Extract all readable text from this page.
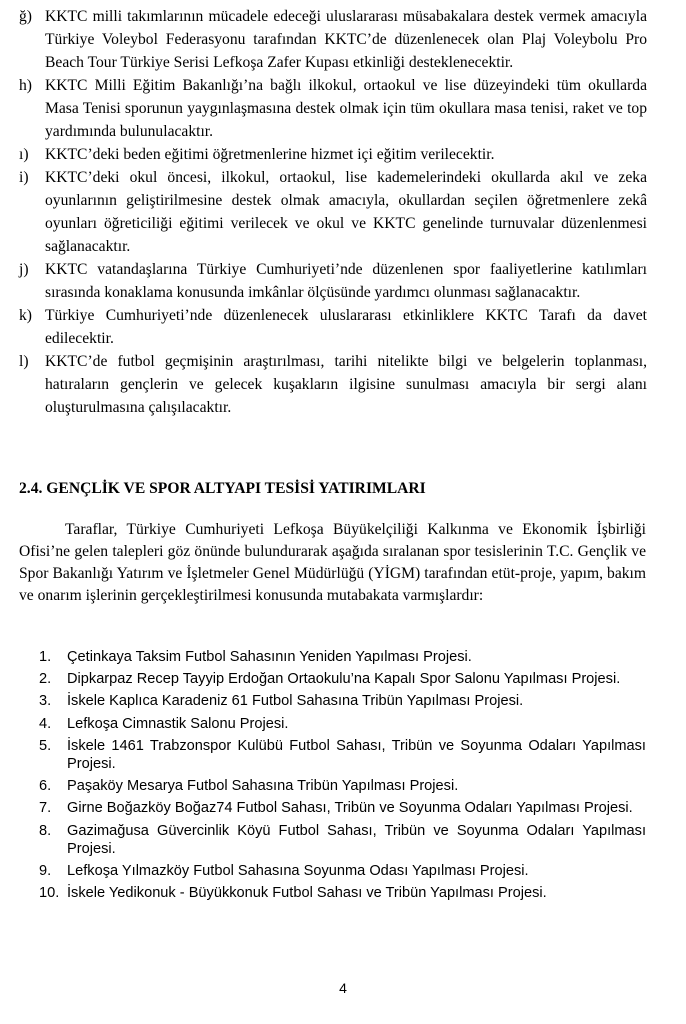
ğ) KKTC milli takımlarının mücadele edeceği uluslararası müsabakalara destek vermek amacıyla Türkiye Voleybol Federasyonu tarafından KKTC’de düzenlenecek olan Plaj Voleybolu Pro Beach Tour Türkiye Serisi Lefkoşa Zafer Kupası etkinliği desteklenecektir.
h) KKTC Milli Eğitim Bakanlığı’na bağlı ilkokul, ortaokul ve lise düzeyindeki tüm okullarda Masa Tenisi sporunun yaygınlaşmasına destek olmak için tüm okullara masa tenisi, raket ve top yardımında bulunulacaktır.
ı)	KKTC’deki beden eğitimi öğretmenlerine hizmet içi eğitim verilecektir.
i)	KKTC’deki okul öncesi, ilkokul, ortaokul, lise kademelerindeki okullarda akıl ve zeka oyunlarının geliştirilmesine destek olmak amacıyla, okullardan seçilen öğretmenlere zekâ oyunları öğreticiliği eğitimi verilecek ve okul ve KKTC genelinde turnuvalar düzenlenmesi sağlanacaktır.
j)	KKTC vatandaşlarına Türkiye Cumhuriyeti’nde düzenlenen spor faaliyetlerine katılımları sırasında konaklama konusunda imkânlar ölçüsünde yardımcı olunması sağlanacaktır.
k) Türkiye Cumhuriyeti’nde düzenlenecek uluslararası etkinliklere KKTC Tarafı da davet edilecektir.
l)	KKTC’de futbol geçmişinin araştırılması, tarihi nitelikte bilgi ve belgelerin toplanması, hatıraların gençlerin ve gelecek kuşakların ilgisine sunulması amacıyla bir sergi alanı oluşturulmasına çalışılacaktır.
2.4. GENÇLİK VE SPOR ALTYAPI TESİSİ YATIRIMLARI

Taraflar, Türkiye Cumhuriyeti Lefkoşa Büyükelçiliği Kalkınma ve Ekonomik İşbirliği Ofisi’ne gelen talepleri göz önünde bulundurarak aşağıda sıralanan spor tesislerinin T.C. Gençlik ve Spor Bakanlığı Yatırım ve İşletmeler Genel Müdürlüğü (YİGM) tarafından etüt-proje, yapım, bakım ve onarım işlerinin gerçekleştirilmesi konusunda mutabakata varmışlardır:

1.	Çetinkaya Taksim Futbol Sahasının Yeniden Yapılması Projesi.
2.	Dipkarpaz Recep Tayyip Erdoğan Ortaokulu’na Kapalı Spor Salonu Yapılması Projesi.
3.	İskele Kaplıca Karadeniz 61 Futbol Sahasına Tribün Yapılması Projesi.
4.	Lefkoşa Cimnastik Salonu Projesi.
5.	İskele 1461 Trabzonspor Kulübü Futbol Sahası, Tribün ve Soyunma Odaları Yapılması Projesi.
6.	Paşaköy Mesarya Futbol Sahasına Tribün Yapılması Projesi.
7.	Girne Boğazköy Boğaz74 Futbol Sahası, Tribün ve Soyunma Odaları Yapılması Projesi.
8.	Gazimağusa Güvercinlik Köyü Futbol Sahası, Tribün ve Soyunma Odaları Yapılması Projesi.
9.	Lefkoşa Yılmazköy Futbol Sahasına Soyunma Odası Yapılması Projesi.
10. İskele Yedikonuk - Büyükkonuk Futbol Sahası ve Tribün Yapılması Projesi.
4
